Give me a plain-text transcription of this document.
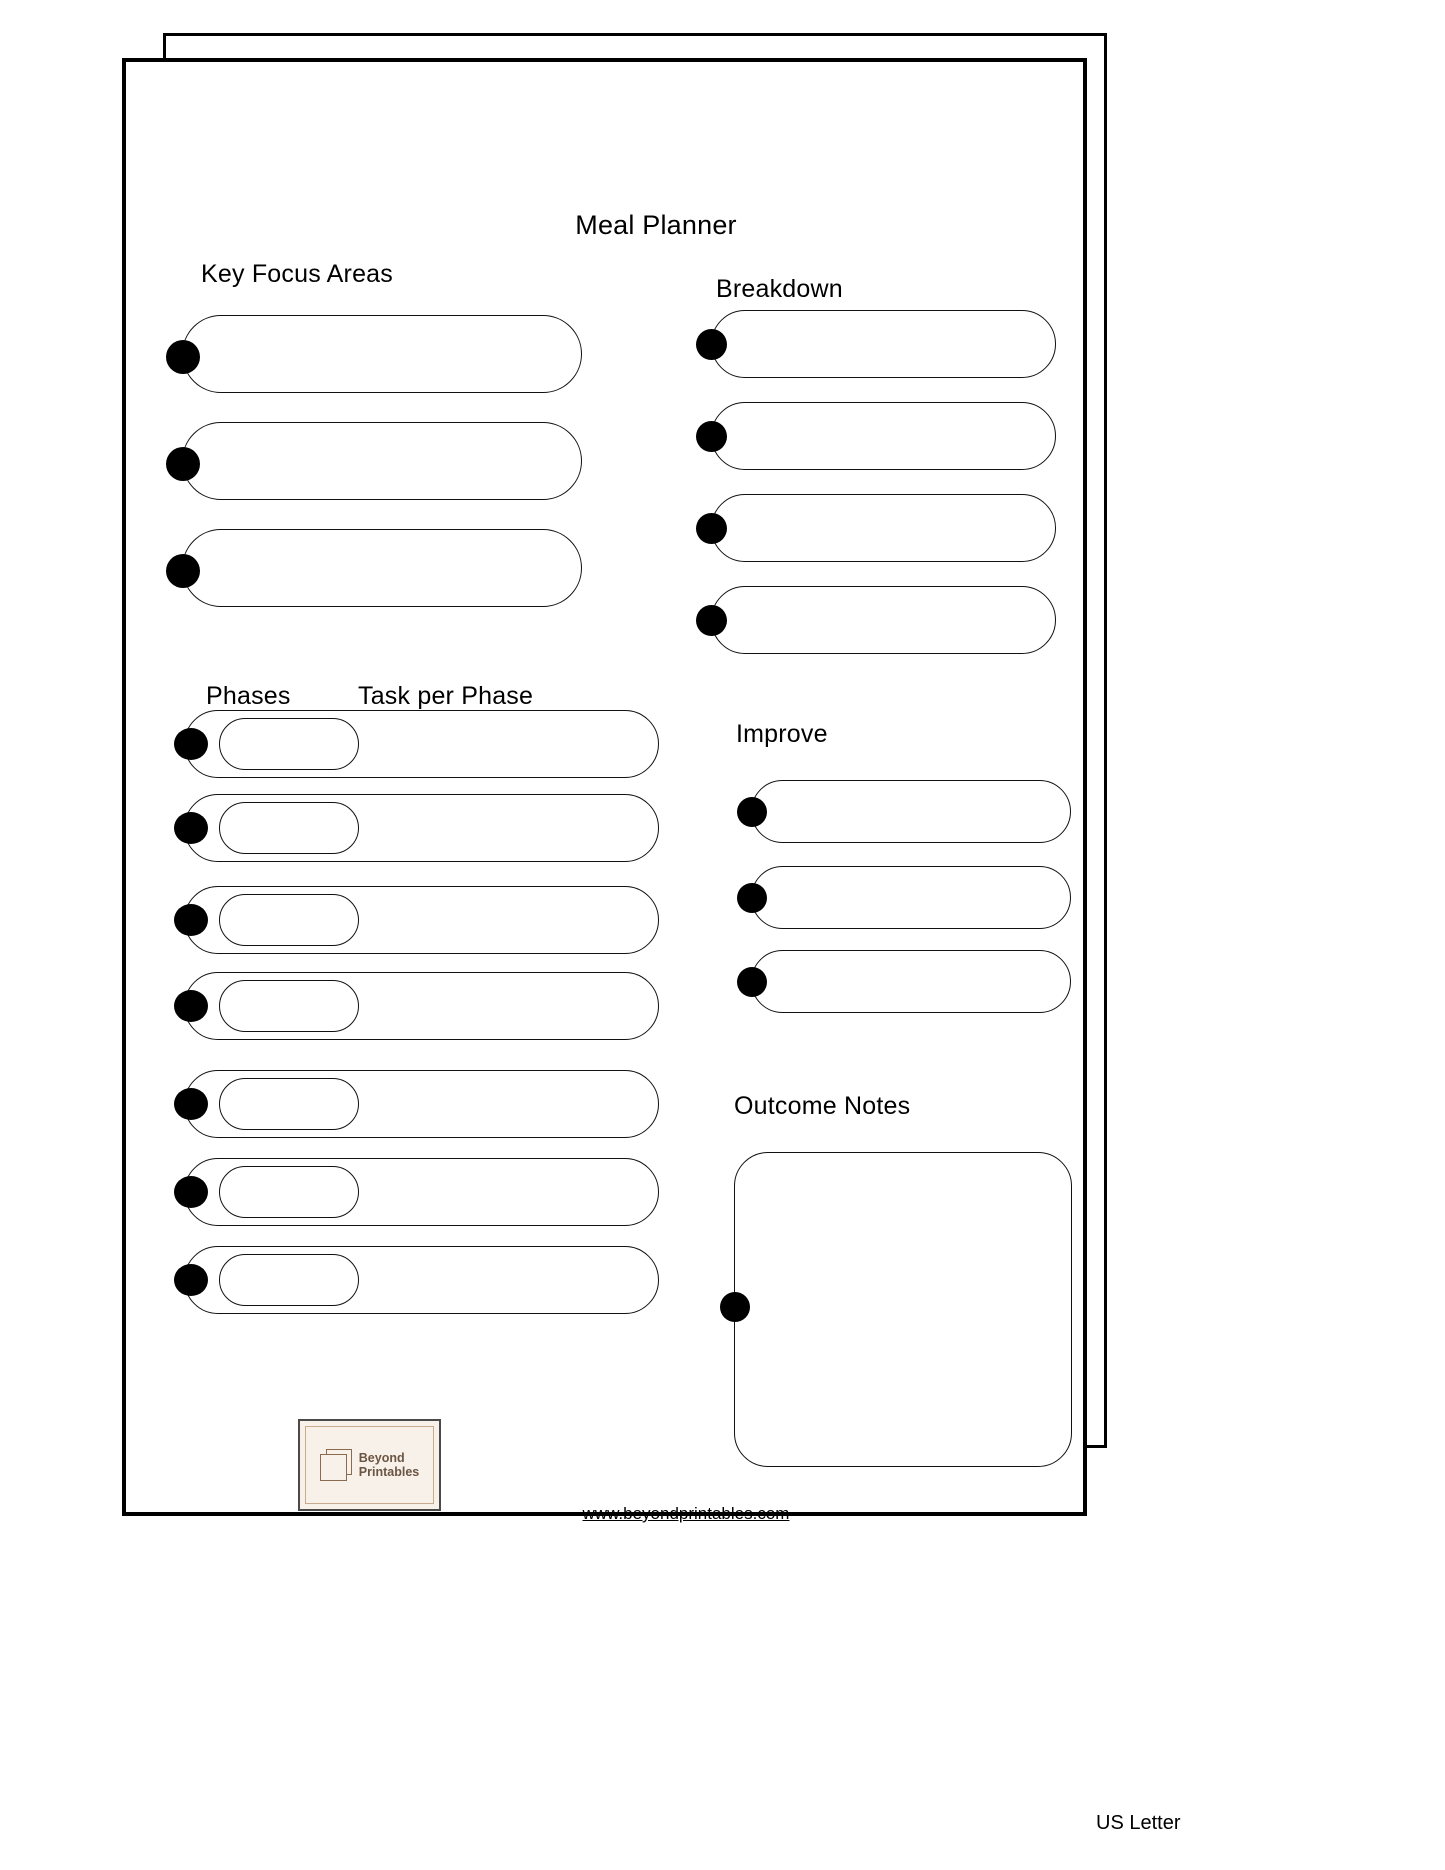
Meal Planner
Key Focus Areas
Breakdown
Phases	Task per Phase
Improve
Outcome Notes
Beyond
Printables
www.beyondprintables.com
US Letter
